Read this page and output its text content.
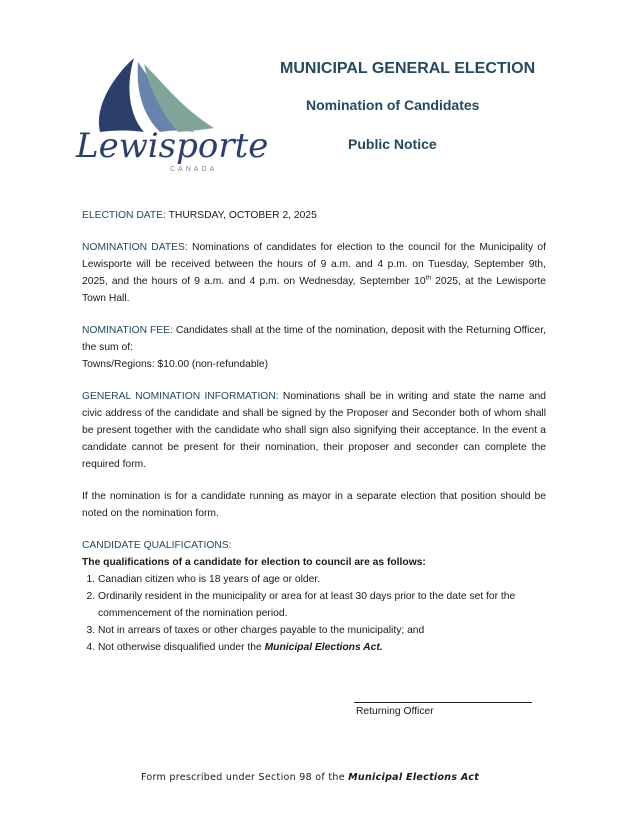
Lewisporte
CANADA
MUNICIPAL GENERAL ELECTION
Nomination of Candidates
Public Notice

ELECTION DATE: THURSDAY, OCTOBER 2, 2025

NOMINATION DATES: Nominations of candidates for election to the council for the Municipality of Lewisporte will be received between the hours of 9 a.m. and 4 p.m. on Tuesday, September 9th, 2025, and the hours of 9 a.m. and 4 p.m. on Wednesday, September 10th 2025, at the Lewisporte Town Hall.

NOMINATION FEE: Candidates shall at the time of the nomination, deposit with the Returning Officer, the sum of:
Towns/Regions: $10.00 (non-refundable)

GENERAL NOMINATION INFORMATION: Nominations shall be in writing and state the name and civic address of the candidate and shall be signed by the Proposer and Seconder both of whom shall be present together with the candidate who shall sign also signifying their acceptance. In the event a candidate cannot be present for their nomination, their proposer and seconder can complete the required form.

If the nomination is for a candidate running as mayor in a separate election that position should be noted on the nomination form.

CANDIDATE QUALIFICATIONS:
The qualifications of a candidate for election to council are as follows:
1. Canadian citizen who is 18 years of age or older.
2. Ordinarily resident in the municipality or area for at least 30 days prior to the date set for the commencement of the nomination period.
3. Not in arrears of taxes or other charges payable to the municipality; and
4. Not otherwise disqualified under the Municipal Elections Act.
Returning Officer
Form prescribed under Section 98 of the Municipal Elections Act
